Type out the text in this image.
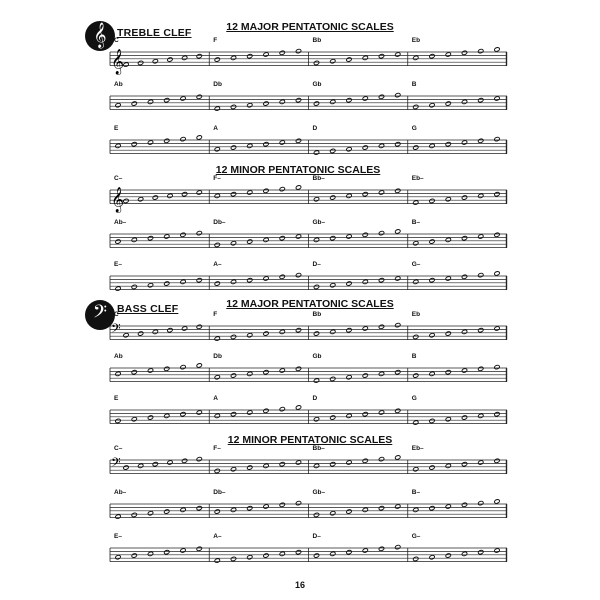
𝄞	TREBLE CLEF	12 MAJOR PENTATONIC SCALES
𝄞
C	F	Bb	Eb
Ab	Db	Gb	B
E	A	D	G
12 MINOR PENTATONIC SCALES
𝄞
C–	F–	Bb–	Eb–
Ab–	Db–	Gb–	B–
E–	A–	D–	G–
𝄢 BASS CLEF	12 MAJOR PENTATONIC SCALES
𝄢
C	F	Bb	Eb
Ab	Db	Gb	B
E	A	D	G
12 MINOR PENTATONIC SCALES
𝄢
C–	F–	Bb–	Eb–
Ab–	Db–	Gb–	B–
E–	A–	D–	G–
16
